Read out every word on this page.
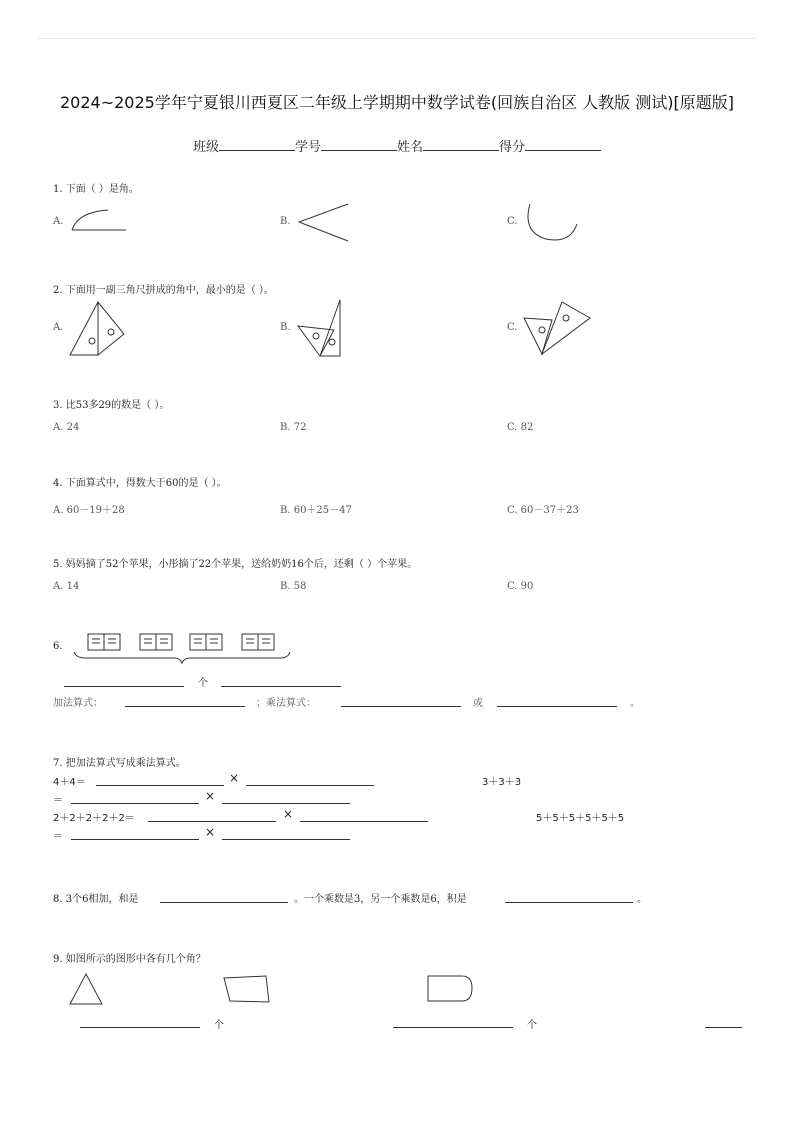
2024~2025学年宁夏银川西夏区二年级上学期期中数学试卷(回族自治区 人教版 测试)[原题版]
班级	学号	姓名	得分
1. 下面（ ）是角。
A.	B.	C.
2. 下面用一副三角尺拼成的角中，最小的是（ ）。
A.	B.	C.
3. 比53多29的数是（ ）。
A. 24	B. 72	C. 82
4. 下面算式中，得数大于60的是（ ）。
A. 60－19＋28	B. 60＋25－47	C. 60－37＋23
5. 妈妈摘了52个苹果，小彤摘了22个苹果，送给奶奶16个后，还剩（ ）个苹果。
A. 14	B. 58	C. 90
6.
个
加法算式：	；乘法算式：	或	。
7. 把加法算式写成乘法算式。
4＋4＝	×	3＋3＋3
＝	×
2＋2＋2＋2＋2＝	×	5＋5＋5＋5＋5＋5
＝	×
8. 3个6相加，和是	。一个乘数是3，另一个乘数是6，积是	。
9. 如图所示的图形中各有几个角？
个	个
